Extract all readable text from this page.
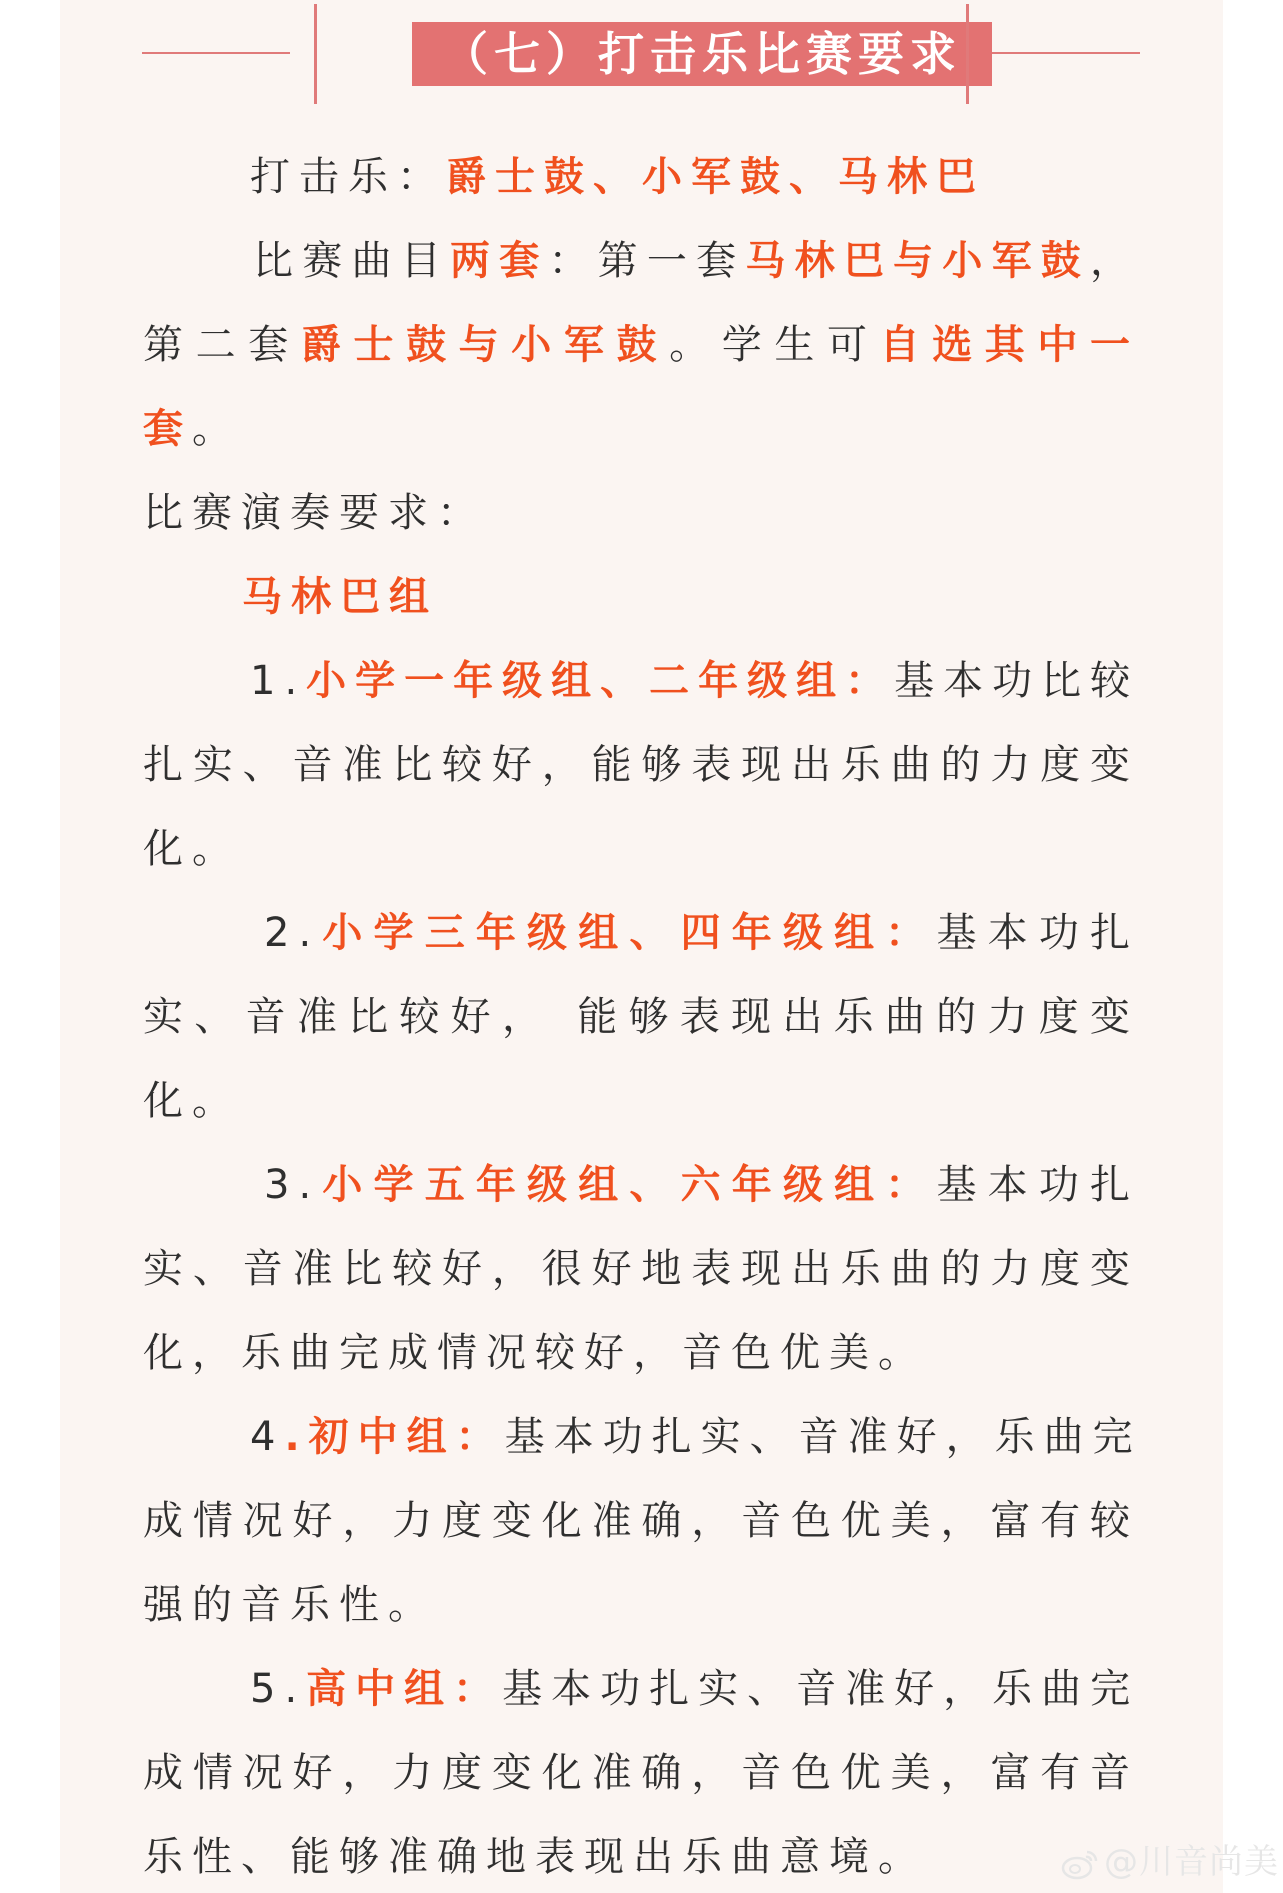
（七）打击乐比赛要求
打击乐：爵士鼓、小军鼓、马林巴
比赛曲目两套：第一套马林巴与小军鼓，
第二套爵士鼓与小军鼓。学生可自选其中一
套。
比赛演奏要求：
马林巴组
1.小学一年级组、二年级组：基本功比较
扎实、音准比较好，能够表现出乐曲的力度变
化。
2.小学三年级组、四年级组：基本功扎
实、音准比较好， 能够表现出乐曲的力度变
化。
3.小学五年级组、六年级组：基本功扎
实、音准比较好，很好地表现出乐曲的力度变
化，乐曲完成情况较好，音色优美。
4.初中组：基本功扎实、音准好，乐曲完
成情况好，力度变化准确，音色优美，富有较
强的音乐性。
5.高中组：基本功扎实、音准好，乐曲完
成情况好，力度变化准确，音色优美，富有音
乐性、能够准确地表现出乐曲意境。	@川音尚美
